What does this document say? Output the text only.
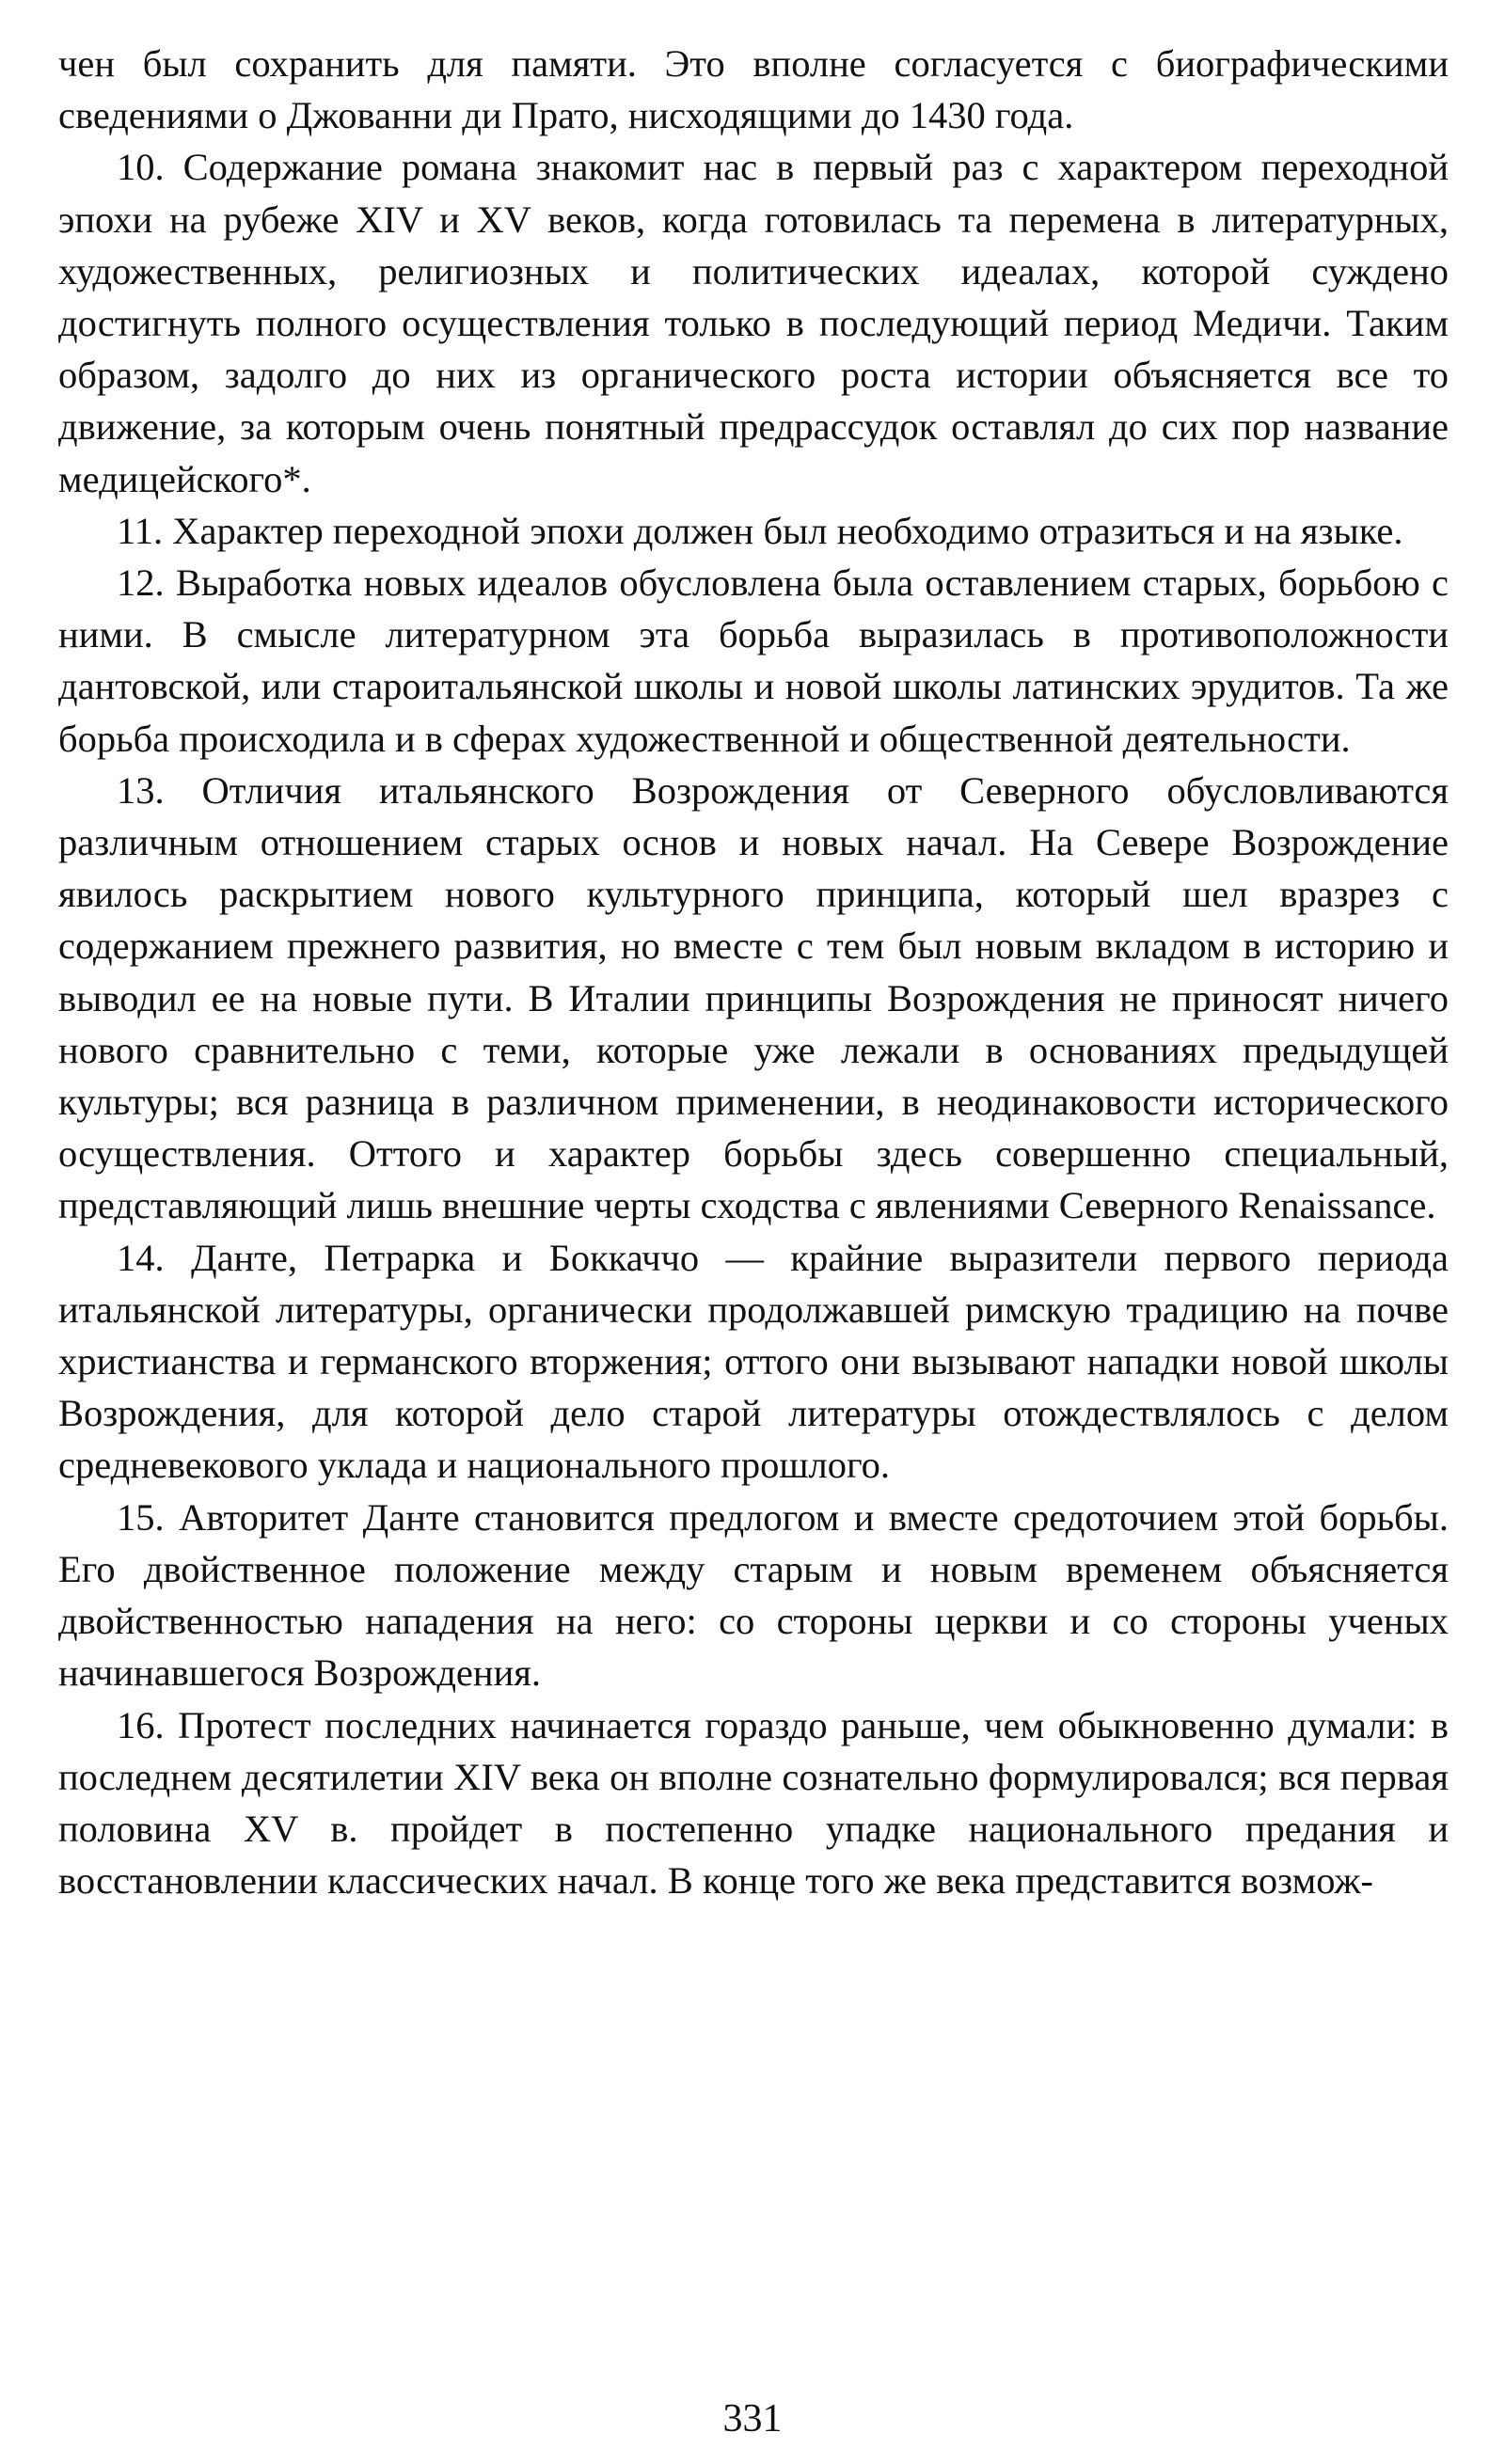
чен был сохранить для памяти. Это вполне согласуется с биографическими сведениями о Джованни ди Прато, нисходящими до 1430 года.

10. Содержание романа знакомит нас в первый раз с характером переходной эпохи на рубеже XIV и XV веков, когда готовилась та перемена в литературных, художественных, религиозных и политических идеалах, которой суждено достигнуть полного осуществления только в последующий период Медичи. Таким образом, задолго до них из органического роста истории объясняется все то движение, за которым очень понятный предрассудок оставлял до сих пор название медицейского*.

11. Характер переходной эпохи должен был необходимо отразиться и на языке.

12. Выработка новых идеалов обусловлена была оставлением старых, борьбою с ними. В смысле литературном эта борьба выразилась в противоположности дантовской, или староитальянской школы и новой школы латинских эрудитов. Та же борьба происходила и в сферах художественной и общественной деятельности.

13. Отличия итальянского Возрождения от Северного обусловливаются различным отношением старых основ и новых начал. На Севере Возрождение явилось раскрытием нового культурного принципа, который шел вразрез с содержанием прежнего развития, но вместе с тем был новым вкладом в историю и выводил ее на новые пути. В Италии принципы Возрождения не приносят ничего нового сравнительно с теми, которые уже лежали в основаниях предыдущей культуры; вся разница в различном применении, в неодинаковости исторического осуществления. Оттого и характер борьбы здесь совершенно специальный, представляющий лишь внешние черты сходства с явлениями Северного Renaissance.

14. Данте, Петрарка и Боккаччо — крайние выразители первого периода итальянской литературы, органически продолжавшей римскую традицию на почве христианства и германского вторжения; оттого они вызывают нападки новой школы Возрождения, для которой дело старой литературы отождествлялось с делом средневекового уклада и национального прошлого.

15. Авторитет Данте становится предлогом и вместе средоточием этой борьбы. Его двойственное положение между старым и новым временем объясняется двойственностью нападения на него: со стороны церкви и со стороны ученых начинавшегося Возрождения.

16. Протест последних начинается гораздо раньше, чем обыкновенно думали: в последнем десятилетии XIV века он вполне сознательно формулировался; вся первая половина XV в. пройдет в постепенно упадке национального предания и восстановлении классических начал. В конце того же века представится возмож-

331
